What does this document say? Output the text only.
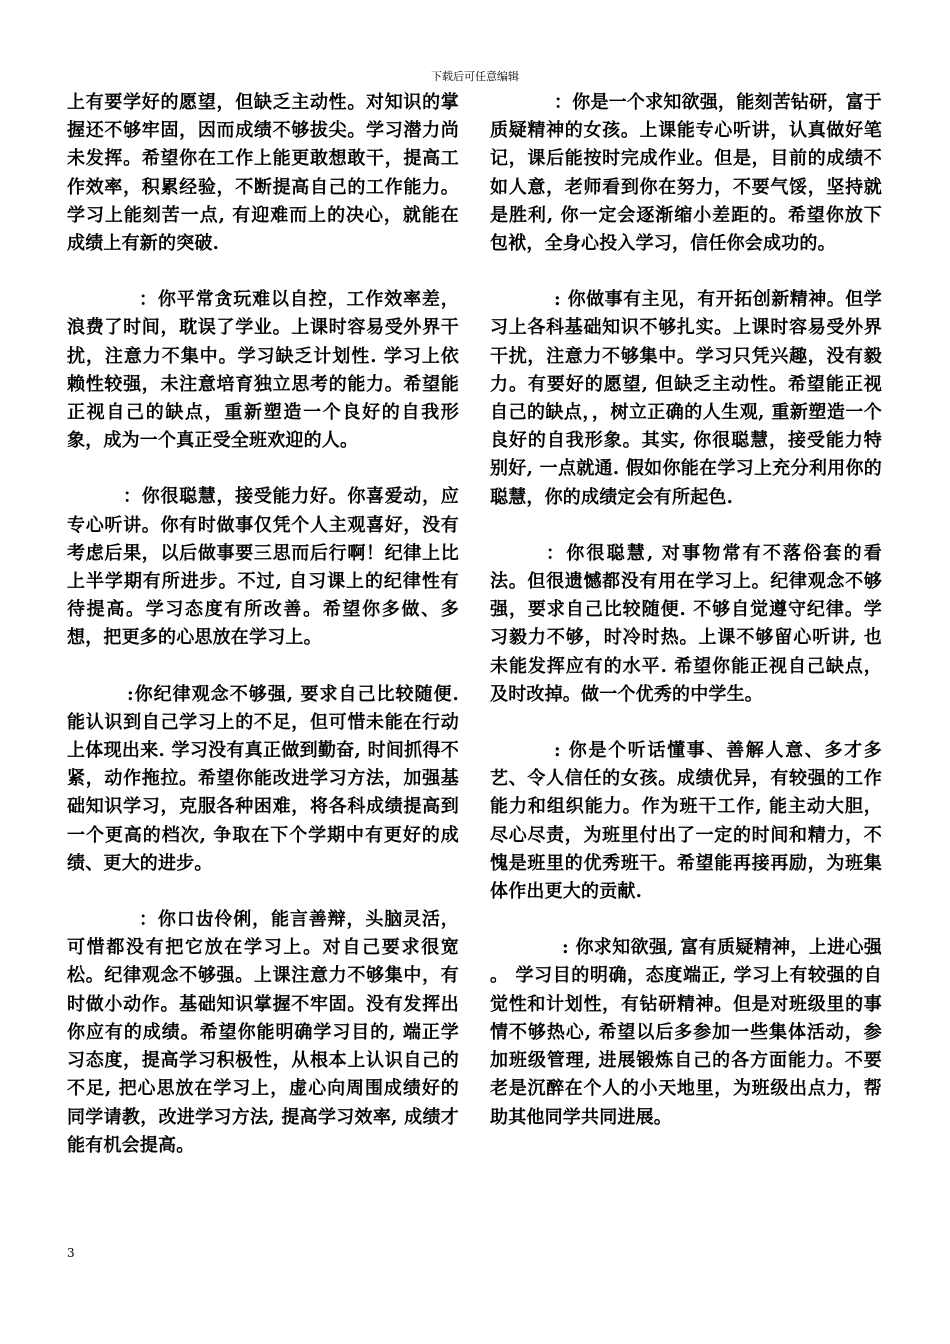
下载后可任意编辑

上有要学好的愿望，但缺乏主动性。对知识的掌握还不够牢固，因而成绩不够拔尖。学习潜力尚未发挥。希望你在工作上能更敢想敢干，提高工作效率，积累经验，不断提高自己的工作能力。学习上能刻苦一点, 有迎难而上的决心，就能在成绩上有新的突破.

：你平常贪玩难以自控，工作效率差，浪费了时间，耽误了学业。上课时容易受外界干扰，注意力不集中。学习缺乏计划性. 学习上依赖性较强，未注意培育独立思考的能力。希望能正视自己的缺点，重新塑造一个良好的自我形象，成为一个真正受全班欢迎的人。

：你很聪慧，接受能力好。你喜爱动，应专心听讲。你有时做事仅凭个人主观喜好，没有考虑后果，以后做事要三思而后行啊！纪律上比上半学期有所进步。不过, 自习课上的纪律性有待提高。学习态度有所改善。希望你多做、多想，把更多的心思放在学习上。

:你纪律观念不够强, 要求自己比较随便. 能认识到自己学习上的不足，但可惜未能在行动上体现出来. 学习没有真正做到勤奋, 时间抓得不紧，动作拖拉。希望你能改进学习方法，加强基础知识学习，克服各种困难，将各科成绩提高到一个更高的档次, 争取在下个学期中有更好的成绩、更大的进步。

：你口齿伶俐，能言善辩，头脑灵活，可惜都没有把它放在学习上。对自己要求很宽松。纪律观念不够强。上课注意力不够集中，有时做小动作。基础知识掌握不牢固。没有发挥出你应有的成绩。希望你能明确学习目的, 端正学习态度，提高学习积极性，从根本上认识自己的不足, 把心思放在学习上，虚心向周围成绩好的同学请教，改进学习方法, 提高学习效率, 成绩才能有机会提高。

：你是一个求知欲强，能刻苦钻研，富于质疑精神的女孩。上课能专心听讲，认真做好笔记，课后能按时完成作业。但是，目前的成绩不如人意，老师看到你在努力，不要气馁，坚持就是胜利, 你一定会逐渐缩小差距的。希望你放下包袱，全身心投入学习，信任你会成功的。

: 你做事有主见，有开拓创新精神。但学习上各科基础知识不够扎实。上课时容易受外界干扰，注意力不够集中。学习只凭兴趣，没有毅力。有要好的愿望, 但缺乏主动性。希望能正视自己的缺点，，树立正确的人生观, 重新塑造一个良好的自我形象。其实, 你很聪慧，接受能力特别好, 一点就通. 假如你能在学习上充分利用你的聪慧，你的成绩定会有所起色.

：你很聪慧, 对事物常有不落俗套的看法。但很遗憾都没有用在学习上。纪律观念不够强，要求自己比较随便. 不够自觉遵守纪律。学习毅力不够，时冷时热。上课不够留心听讲, 也未能发挥应有的水平. 希望你能正视自己缺点，及时改掉。做一个优秀的中学生。

: 你是个听话懂事、善解人意、多才多艺、令人信任的女孩。成绩优异，有较强的工作能力和组织能力。作为班干工作, 能主动大胆，尽心尽责，为班里付出了一定的时间和精力，不愧是班里的优秀班干。希望能再接再励，为班集体作出更大的贡献.

: 你求知欲强, 富有质疑精神，上进心强 。 学习目的明确，态度端正, 学习上有较强的自觉性和计划性，有钻研精神。但是对班级里的事情不够热心, 希望以后多参加一些集体活动，参加班级管理, 进展锻炼自己的各方面能力。不要老是沉醉在个人的小天地里，为班级出点力，帮助其他同学共同进展。

3
